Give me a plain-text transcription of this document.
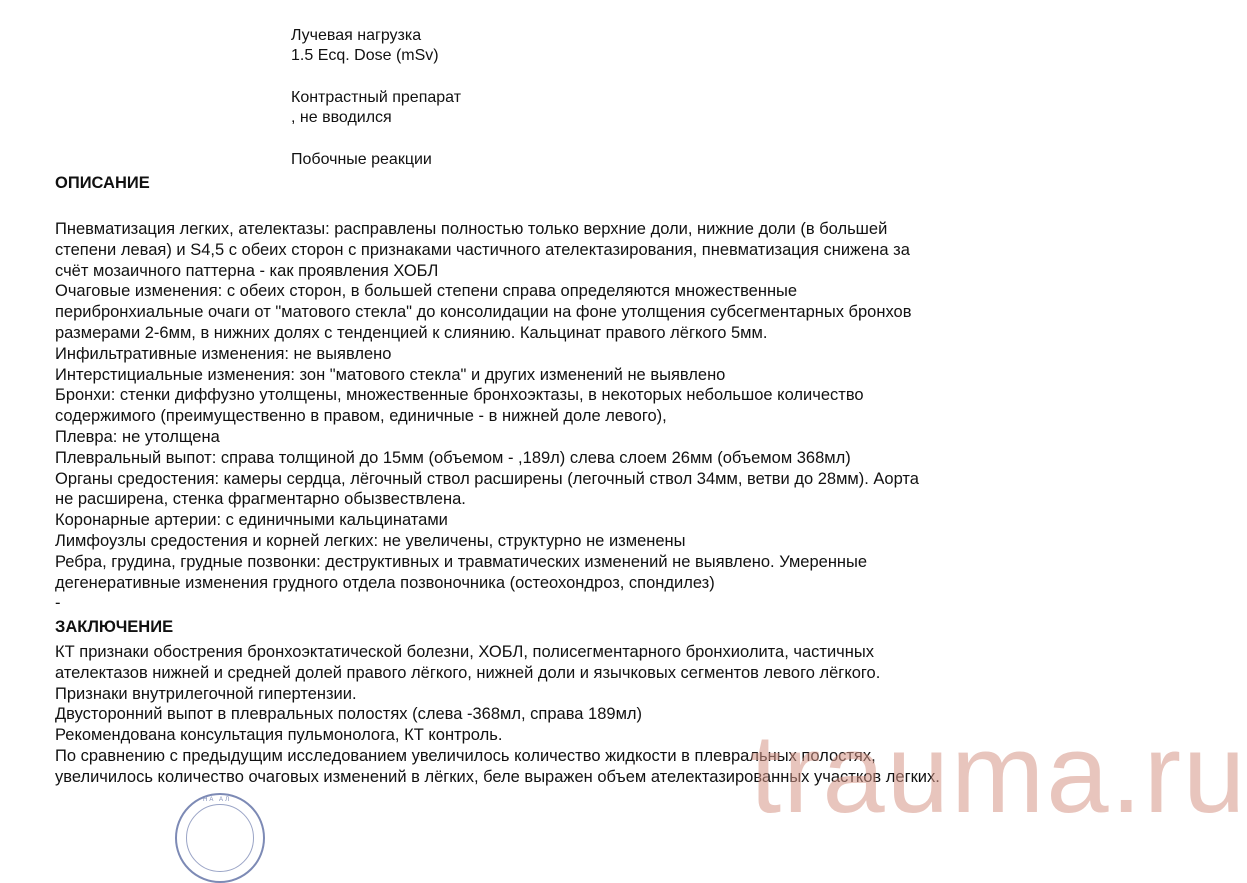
Лучевая нагрузка
1.5 Ecq. Dose (mSv)
Контрастный препарат
, не вводился
Побочные реакции
ОПИСАНИЕ
Пневматизация легких, ателектазы: расправлены полностью только верхние доли, нижние доли (в большей
степени левая) и S4,5 с обеих сторон с признаками частичного ателектазирования, пневматизация снижена за
счёт мозаичного паттерна - как проявления ХОБЛ
Очаговые изменения: с обеих сторон, в большей степени справа определяются множественные
перибронхиальные очаги от "матового стекла" до консолидации на фоне утолщения субсегментарных бронхов
размерами 2-6мм, в нижних долях с тенденцией к слиянию. Кальцинат правого лёгкого 5мм.
Инфильтративные изменения: не выявлено
Интерстициальные изменения: зон "матового стекла" и других изменений не выявлено
Бронхи: стенки диффузно утолщены, множественные бронхоэктазы, в некоторых небольшое количество
содержимого (преимущественно в правом, единичные - в нижней доле левого),
Плевра: не утолщена
Плевральный выпот: справа толщиной до 15мм (объемом - ,189л) слева слоем 26мм (объемом 368мл)
Органы средостения: камеры сердца, лёгочный ствол расширены (легочный ствол 34мм, ветви до 28мм). Аорта
не расширена, стенка фрагментарно обызвествлена.
Коронарные артерии: с единичными кальцинатами
Лимфоузлы средостения и корней легких: не увеличены, структурно не изменены
Ребра, грудина, грудные позвонки: деструктивных и травматических изменений не выявлено. Умеренные
дегенеративные изменения грудного отдела позвоночника (остеохондроз, спондилез)
-
ЗАКЛЮЧЕНИЕ
КТ признаки обострения бронхоэктатической болезни, ХОБЛ, полисегментарного бронхиолита, частичных
ателектазов нижней и средней долей правого лёгкого, нижней доли и язычковых сегментов левого лёгкого.
Признаки внутрилегочной гипертензии.
Двусторонний выпот в плевральных полостях (слева -368мл, справа 189мл)
Рекомендована консультация пульмонолога, КТ контроль.
По сравнению с предыдущим исследованием увеличилось количество жидкости в плевральных полостях,
увеличилось количество очаговых изменений в лёгких, беле выражен объем ателектазированных участков легких.
НА АЛ	trauma.ru
